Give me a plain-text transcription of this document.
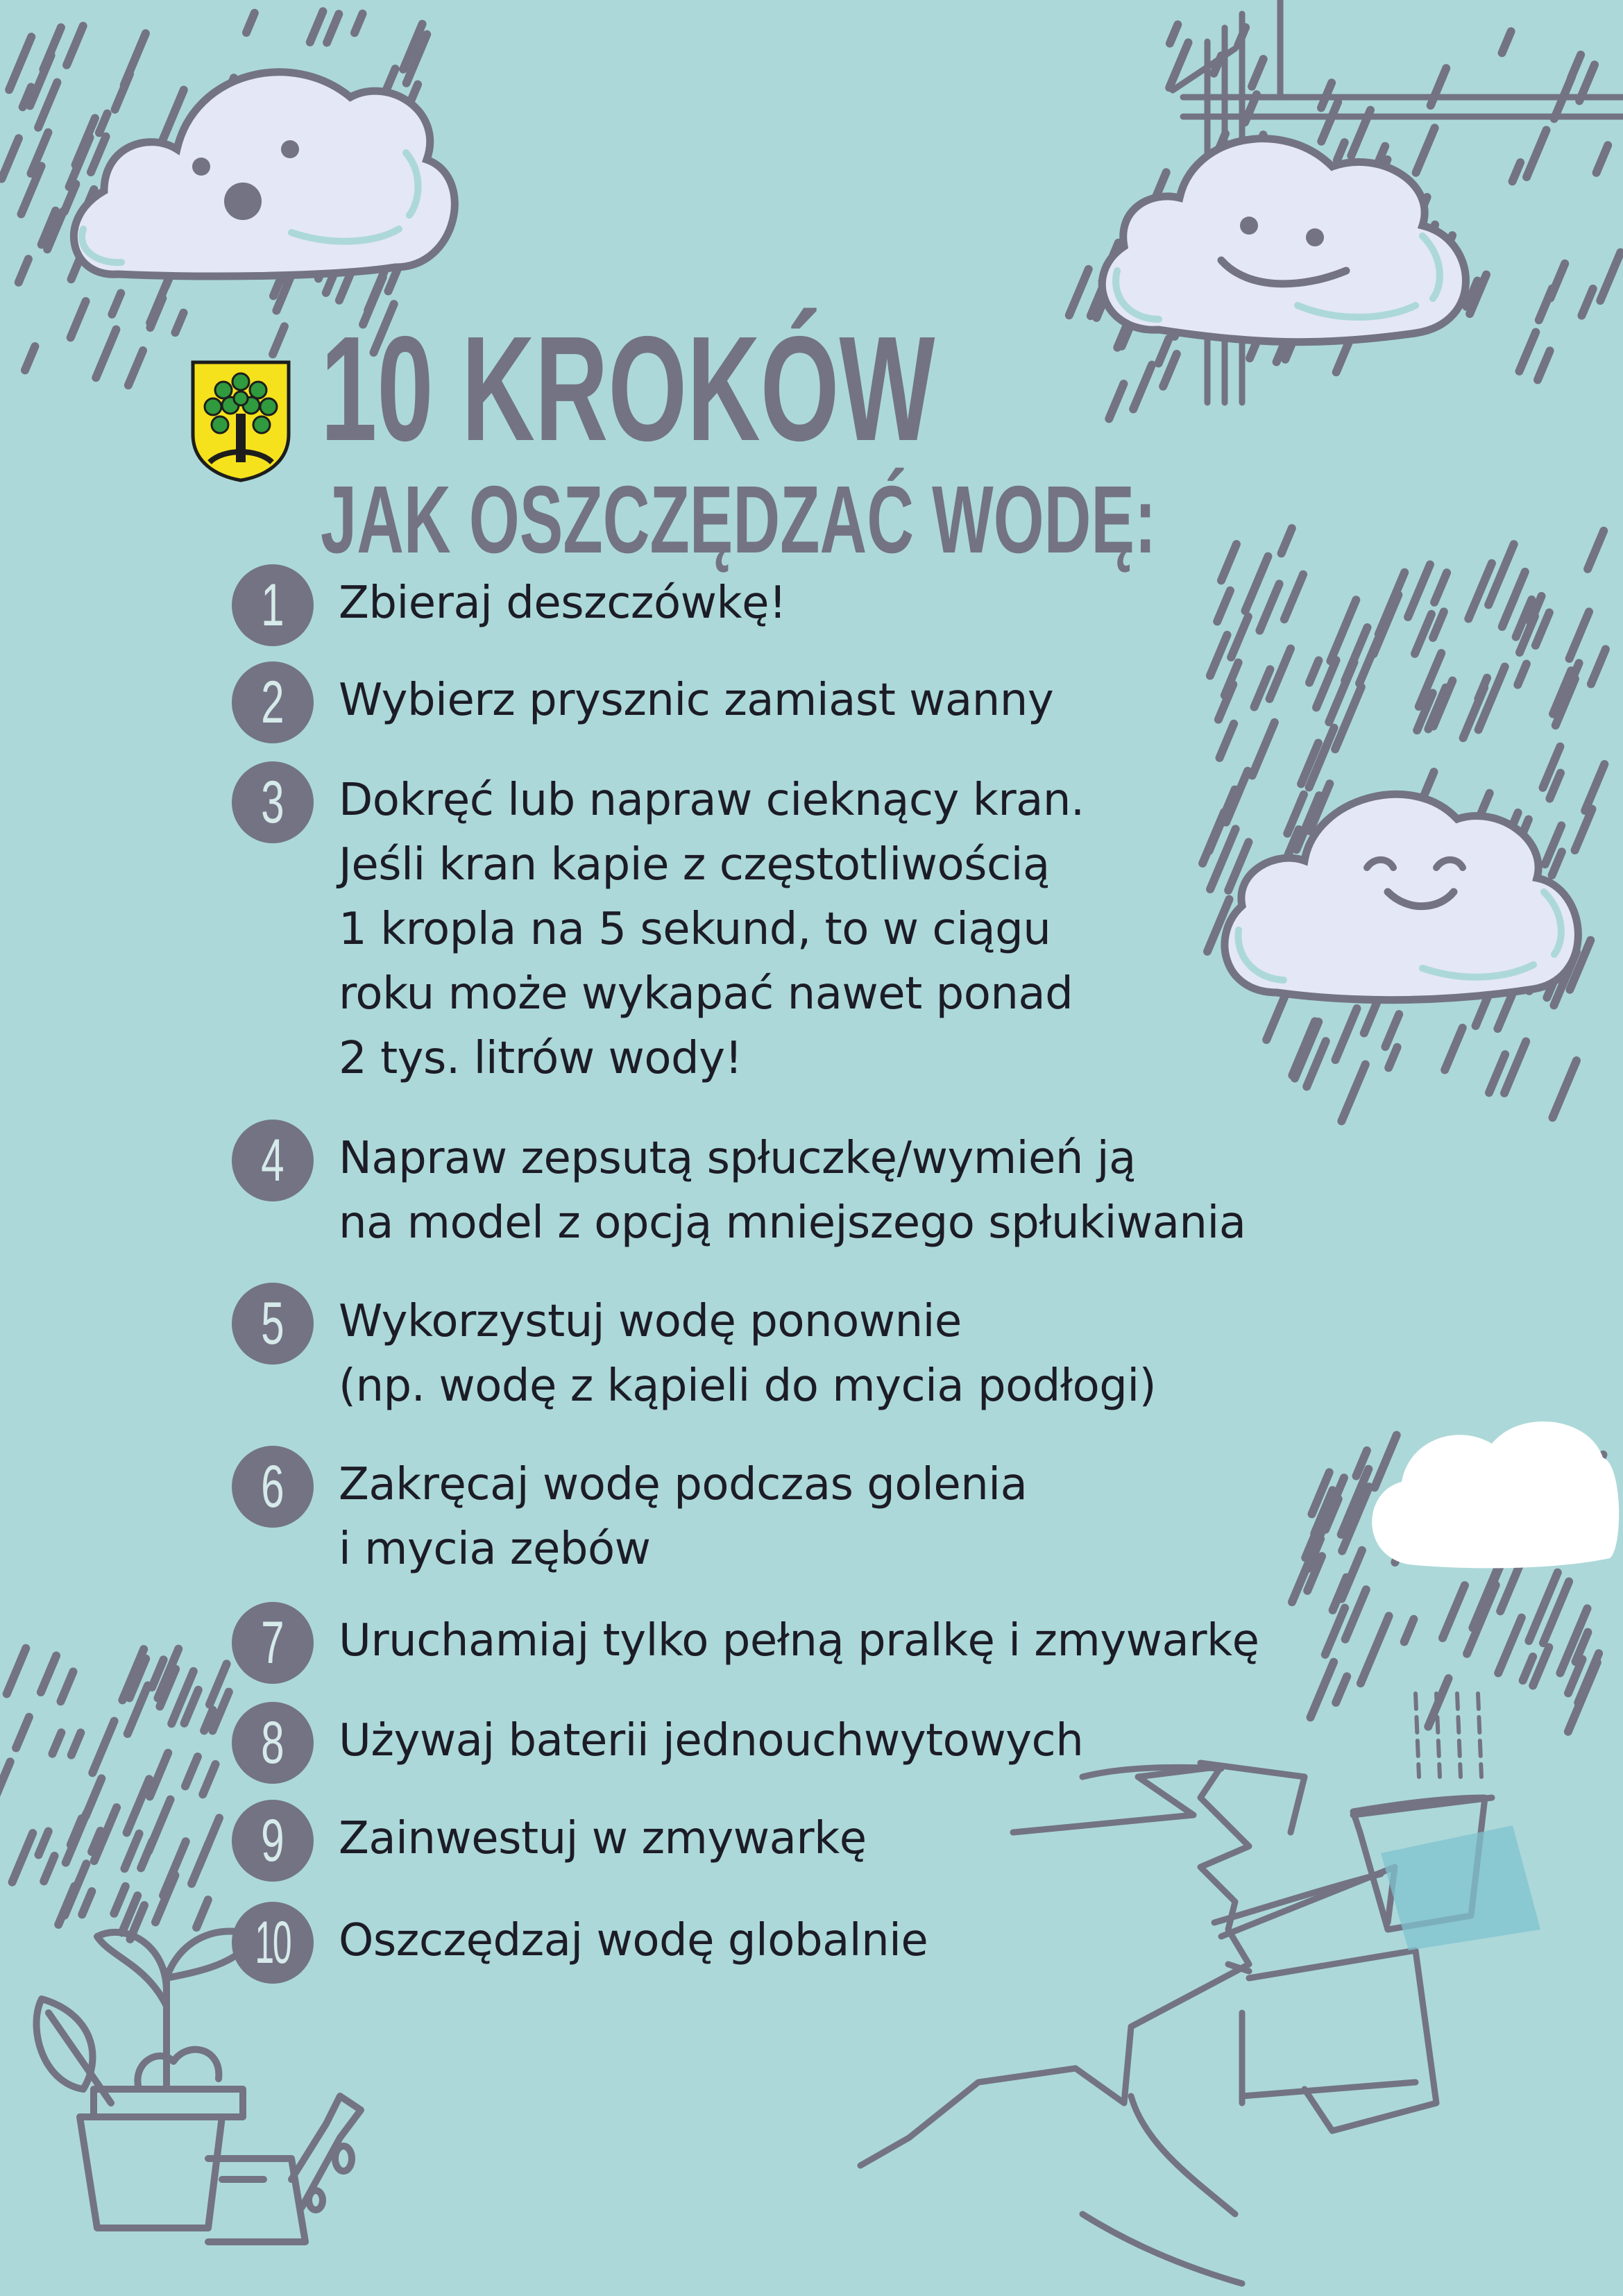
10 KROKÓW
JAK OSZCZĘDZAĆ WODĘ:
1	Zbieraj deszczówkę!
2	Wybierz prysznic zamiast wanny
3	Dokręć lub napraw cieknący kran.
Jeśli kran kapie z częstotliwością
1 kropla na 5 sekund, to w ciągu
roku może wykapać nawet ponad
2 tys. litrów wody!
4	Napraw zepsutą spłuczkę/wymień ją
na model z opcją mniejszego spłukiwania
5	Wykorzystuj wodę ponownie
(np. wodę z kąpieli do mycia podłogi)
6	Zakręcaj wodę podczas golenia
i mycia zębów
7	Uruchamiaj tylko pełną pralkę i zmywarkę
8	Używaj baterii jednouchwytowych
9	Zainwestuj w zmywarkę
10	Oszczędzaj wodę globalnie
